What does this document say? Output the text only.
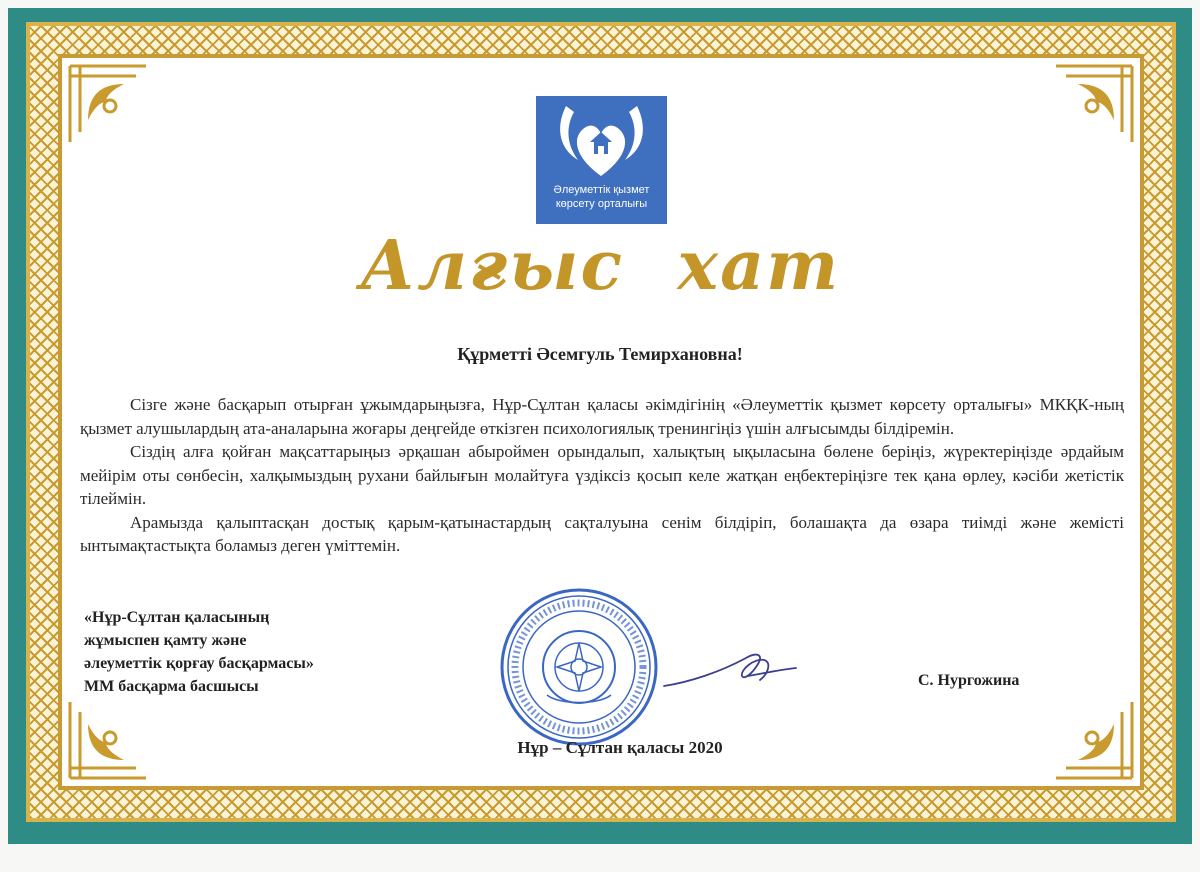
Әлеуметтік қызмет
көрсету орталығы
Алғыс хат
Құрметті Әсемгуль Темирхановна!

Сізге және басқарып отырған ұжымдарыңызға, Нұр-Сұлтан қаласы әкімдігінің «Әлеуметтік қызмет көрсету орталығы» МКҚК-ның қызмет алушылардың ата-аналарына жоғары деңгейде өткізген психологиялық тренингіңіз үшін алғысымды білдіремін.

Сіздің алға қойған мақсаттарыңыз әрқашан абыроймен орындалып, халықтың ықыласына бөлене беріңіз, жүректеріңізде әрдайым мейірім оты сөнбесін, халқымыздың рухани байлығын молайтуға үздіксіз қосып келе жатқан еңбектеріңізге тек қана өрлеу, кәсіби жетістік тілеймін.

Арамызда қалыптасқан достық қарым-қатынастардың сақталуына сенім білдіріп, болашақта да өзара тиімді және жемісті ынтымақтастықта боламыз деген үміттемін.

«Нұр-Сұлтан қаласының
жұмыспен қамту және
әлеуметтік қорғау басқармасы»
ММ басқарма басшысы	С. Нургожина
Нұр – Сұлтан қаласы 2020
